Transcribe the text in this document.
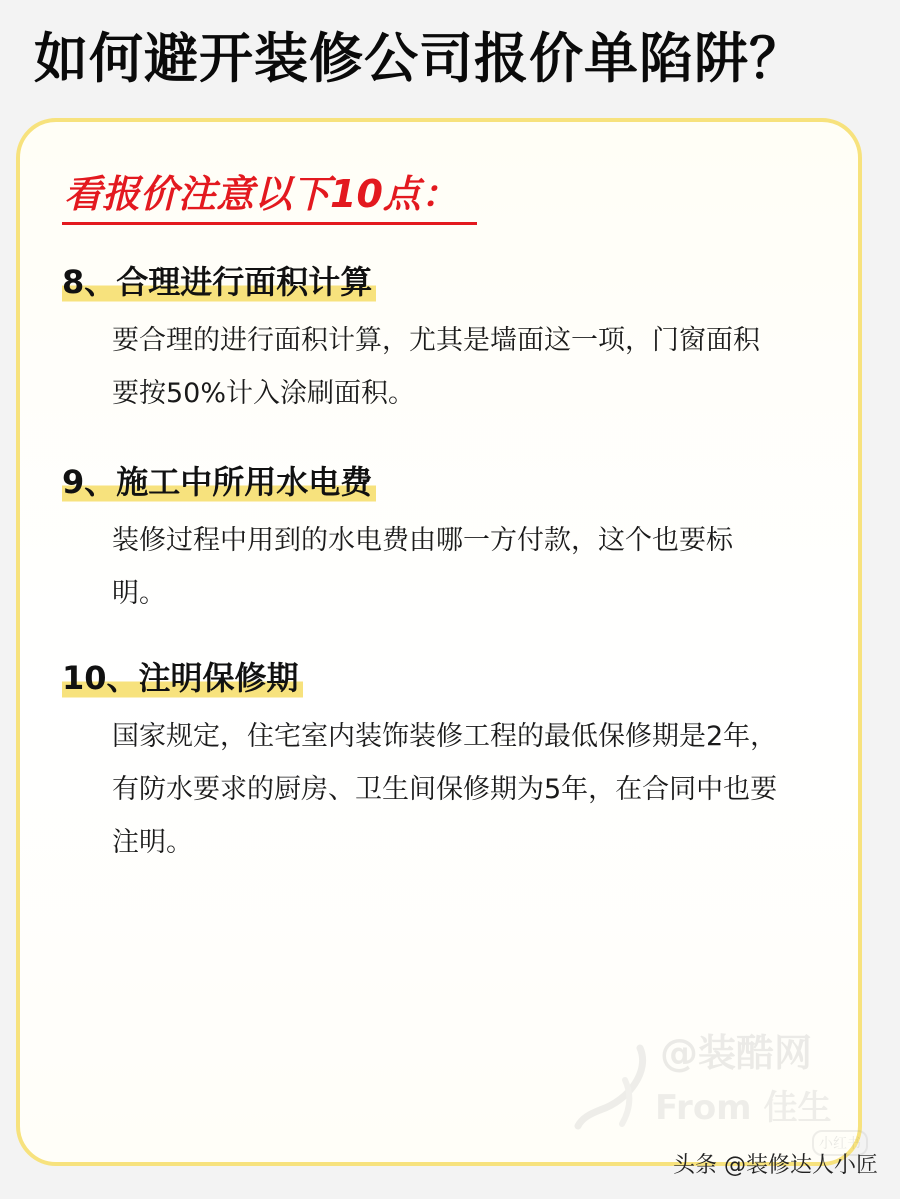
如何避开装修公司报价单陷阱？
看报价注意以下10点：
8、合理进行面积计算
要合理的进行面积计算，尤其是墙面这一项，门窗面积
要按50%计入涂刷面积。
9、施工中所用水电费
装修过程中用到的水电费由哪一方付款，这个也要标
明。
10、注明保修期
国家规定，住宅室内装饰装修工程的最低保修期是2年，
有防水要求的厨房、卫生间保修期为5年，在合同中也要
注明。
@装酷网
From 佳生
小红书
头条 @装修达人小匠
